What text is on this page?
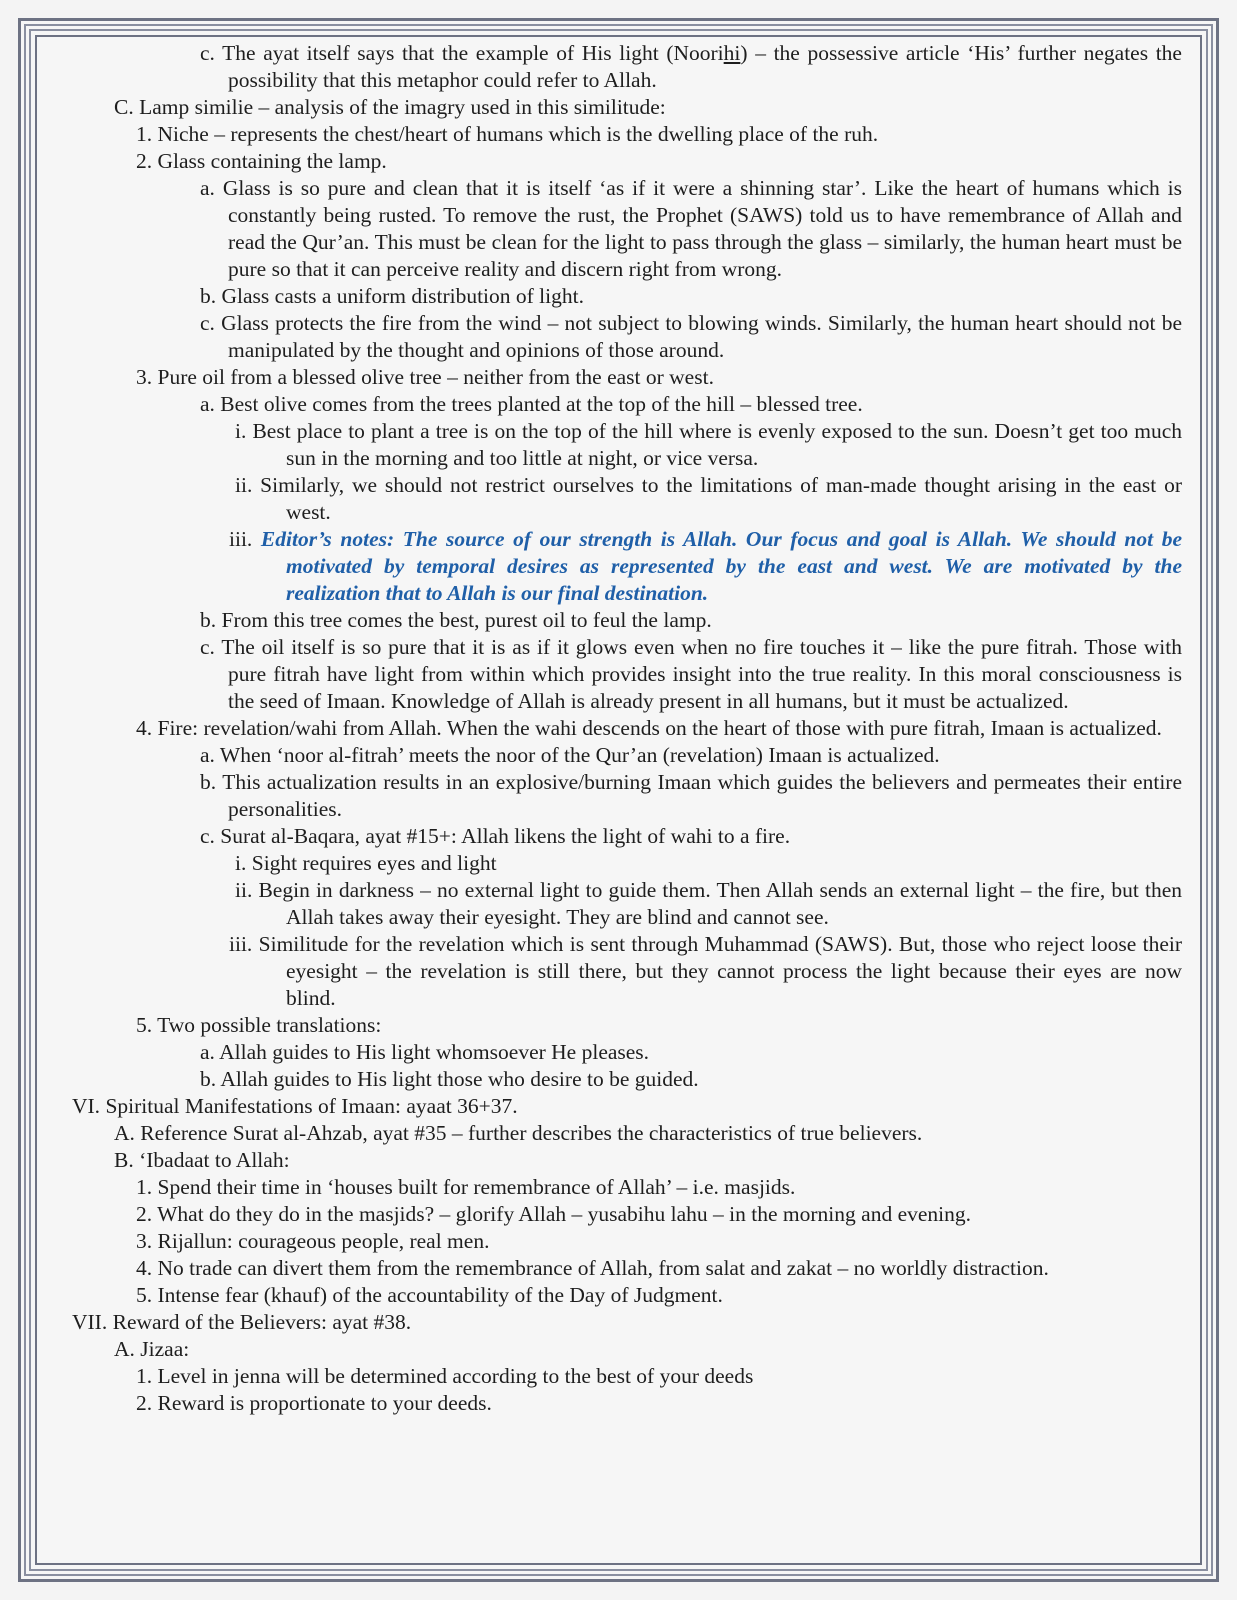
c. The ayat itself says that the example of His light (Noorihi) – the possessive article ‘His’ further negates the possibility that this metaphor could refer to Allah.

C. Lamp similie – analysis of the imagry used in this similitude:

1. Niche – represents the chest/heart of humans which is the dwelling place of the ruh.

2. Glass containing the lamp.

a. Glass is so pure and clean that it is itself ‘as if it were a shinning star’. Like the heart of humans which is constantly being rusted. To remove the rust, the Prophet (SAWS) told us to have remembrance of Allah and read the Qur’an. This must be clean for the light to pass through the glass – similarly, the human heart must be pure so that it can perceive reality and discern right from wrong.

b. Glass casts a uniform distribution of light.

c. Glass protects the fire from the wind – not subject to blowing winds. Similarly, the human heart should not be manipulated by the thought and opinions of those around.

3. Pure oil from a blessed olive tree – neither from the east or west.

a. Best olive comes from the trees planted at the top of the hill – blessed tree.

i. Best place to plant a tree is on the top of the hill where is evenly exposed to the sun. Doesn’t get too much sun in the morning and too little at night, or vice versa.

ii. Similarly, we should not restrict ourselves to the limitations of man-made thought arising in the east or west.

iii. Editor’s notes: The source of our strength is Allah. Our focus and goal is Allah. We should not be motivated by temporal desires as represented by the east and west. We are motivated by the realization that to Allah is our final destination.

b. From this tree comes the best, purest oil to feul the lamp.

c. The oil itself is so pure that it is as if it glows even when no fire touches it – like the pure fitrah. Those with pure fitrah have light from within which provides insight into the true reality. In this moral consciousness is the seed of Imaan. Knowledge of Allah is already present in all humans, but it must be actualized.

4. Fire: revelation/wahi from Allah. When the wahi descends on the heart of those with pure fitrah, Imaan is actualized.

a. When ‘noor al-fitrah’ meets the noor of the Qur’an (revelation) Imaan is actualized.

b. This actualization results in an explosive/burning Imaan which guides the believers and permeates their entire personalities.

c. Surat al-Baqara, ayat #15+: Allah likens the light of wahi to a fire.

i. Sight requires eyes and light

ii. Begin in darkness – no external light to guide them. Then Allah sends an external light – the fire, but then Allah takes away their eyesight. They are blind and cannot see.

iii. Similitude for the revelation which is sent through Muhammad (SAWS). But, those who reject loose their eyesight – the revelation is still there, but they cannot process the light because their eyes are now blind.

5. Two possible translations:

a. Allah guides to His light whomsoever He pleases.

b. Allah guides to His light those who desire to be guided.

VI. Spiritual Manifestations of Imaan: ayaat 36+37.

A. Reference Surat al-Ahzab, ayat #35 – further describes the characteristics of true believers.

B. ‘Ibadaat to Allah:

1. Spend their time in ‘houses built for remembrance of Allah’ – i.e. masjids.

2. What do they do in the masjids? – glorify Allah – yusabihu lahu – in the morning and evening.

3. Rijallun: courageous people, real men.

4. No trade can divert them from the remembrance of Allah, from salat and zakat – no worldly distraction.

5. Intense fear (khauf) of the accountability of the Day of Judgment.

VII. Reward of the Believers: ayat #38.

A. Jizaa:

1. Level in jenna will be determined according to the best of your deeds

2. Reward is proportionate to your deeds.
